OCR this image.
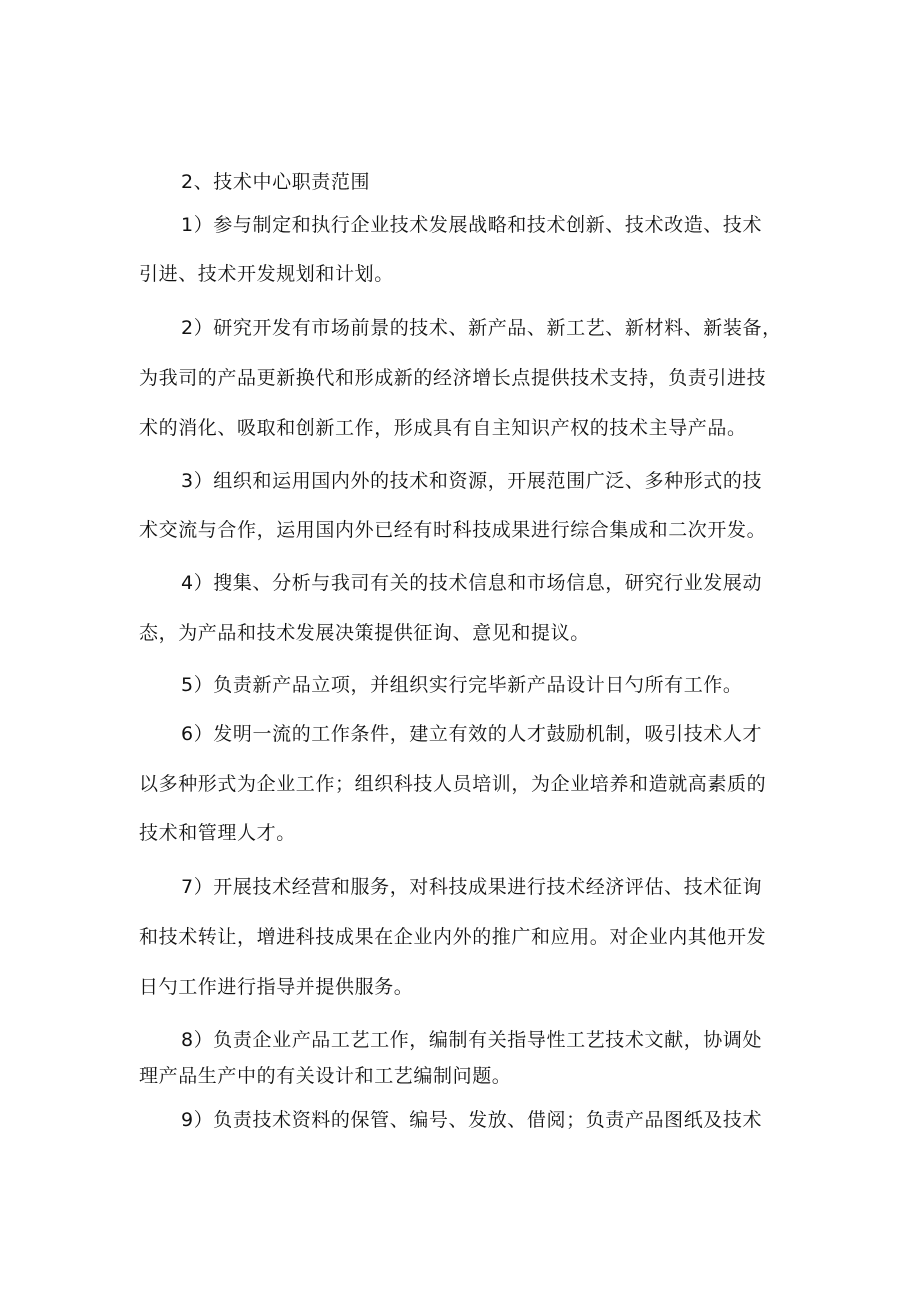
2、技术中心职责范围
1）参与制定和执行企业技术发展战略和技术创新、技术改造、技术
引进、技术开发规划和计划。
2）研究开发有市场前景的技术、新产品、新工艺、新材料、新装备，
为我司的产品更新换代和形成新的经济增长点提供技术支持，负责引进技
术的消化、吸取和创新工作，形成具有自主知识产权的技术主导产品。
3）组织和运用国内外的技术和资源，开展范围广泛、多种形式的技
术交流与合作，运用国内外已经有时科技成果进行综合集成和二次开发。
4）搜集、分析与我司有关的技术信息和市场信息，研究行业发展动
态，为产品和技术发展决策提供征询、意见和提议。
5）负责新产品立项，并组织实行完毕新产品设计日勺所有工作。
6）发明一流的工作条件，建立有效的人才鼓励机制，吸引技术人才
以多种形式为企业工作；组织科技人员培训，为企业培养和造就高素质的
技术和管理人才。
7）开展技术经营和服务，对科技成果进行技术经济评估、技术征询
和技术转让，增进科技成果在企业内外的推广和应用。对企业内其他开发
日勺工作进行指导并提供服务。
8）负责企业产品工艺工作，编制有关指导性工艺技术文献，协调处
理产品生产中的有关设计和工艺编制问题。
9）负责技术资料的保管、编号、发放、借阅；负责产品图纸及技术
